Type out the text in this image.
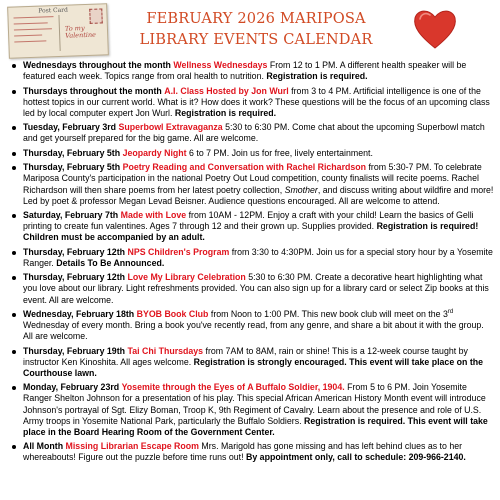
Post Card
To my
Valentine
FEBRUARY 2026 MARIPOSA
LIBRARY EVENTS CALENDAR
Wednesdays throughout the month Wellness Wednesdays From 12 to 1 PM. A different health speaker will be featured each week. Topics range from oral health to nutrition. Registration is required.
Thursdays throughout the month A.I. Class Hosted by Jon Wurl from 3 to 4 PM. Artificial intelligence is one of the hottest topics in our current world. What is it? How does it work? These questions will be the focus of an upcoming class led by local computer expert Jon Wurl. Registration is required.
Tuesday, February 3rd Superbowl Extravaganza 5:30 to 6:30 PM. Come chat about the upcoming Superbowl match and get yourself prepared for the big game. All are welcome.
Thursday, February 5th Jeopardy Night 6 to 7 PM. Join us for free, lively entertainment.
Thursday, February 5th Poetry Reading and Conversation with Rachel Richardson from 5:30-7 PM. To celebrate Mariposa County's participation in the national Poetry Out Loud competition, county finalists will recite poems. Rachel Richardson will then share poems from her latest poetry collection, Smother, and discuss writing about wildfire and more! Led by poet & professor Megan Levad Beisner. Audience questions encouraged. All are welcome to attend.
Saturday, February 7th Made with Love from 10AM - 12PM. Enjoy a craft with your child! Learn the basics of Gelli printing to create fun valentines. Ages 7 through 12 and their grown up. Supplies provided. Registration is required! Children must be accompanied by an adult.
Thursday, February 12th NPS Children's Program from 3:30 to 4:30PM. Join us for a special story hour by a Yosemite Ranger. Details To Be Announced.
Thursday, February 12th Love My Library Celebration 5:30 to 6:30 PM. Create a decorative heart highlighting what you love about our library. Light refreshments provided. You can also sign up for a library card or select Zip books at this event. All are welcome.
Wednesday, February 18th BYOB Book Club from Noon to 1:00 PM. This new book club will meet on the 3rd Wednesday of every month. Bring a book you've recently read, from any genre, and share a bit about it with the group. All are welcome.
Thursday, February 19th Tai Chi Thursdays from 7AM to 8AM, rain or shine! This is a 12-week course taught by instructor Ken Kinoshita. All ages welcome. Registration is strongly encouraged. This event will take place on the Courthouse lawn.
Monday, February 23rd Yosemite through the Eyes of A Buffalo Soldier, 1904. From 5 to 6 PM. Join Yosemite Ranger Shelton Johnson for a presentation of his play. This special African American History Month event will introduce Johnson's portrayal of Sgt. Elizy Boman, Troop K, 9th Regiment of Cavalry. Learn about the presence and role of U.S. Army troops in Yosemite National Park, particularly the Buffalo Soldiers. Registration is required. This event will take place in the Board Hearing Room of the Government Center.
All Month Missing Librarian Escape Room Mrs. Marigold has gone missing and has left behind clues as to her whereabouts! Figure out the puzzle before time runs out! By appointment only, call to schedule: 209-966-2140.
